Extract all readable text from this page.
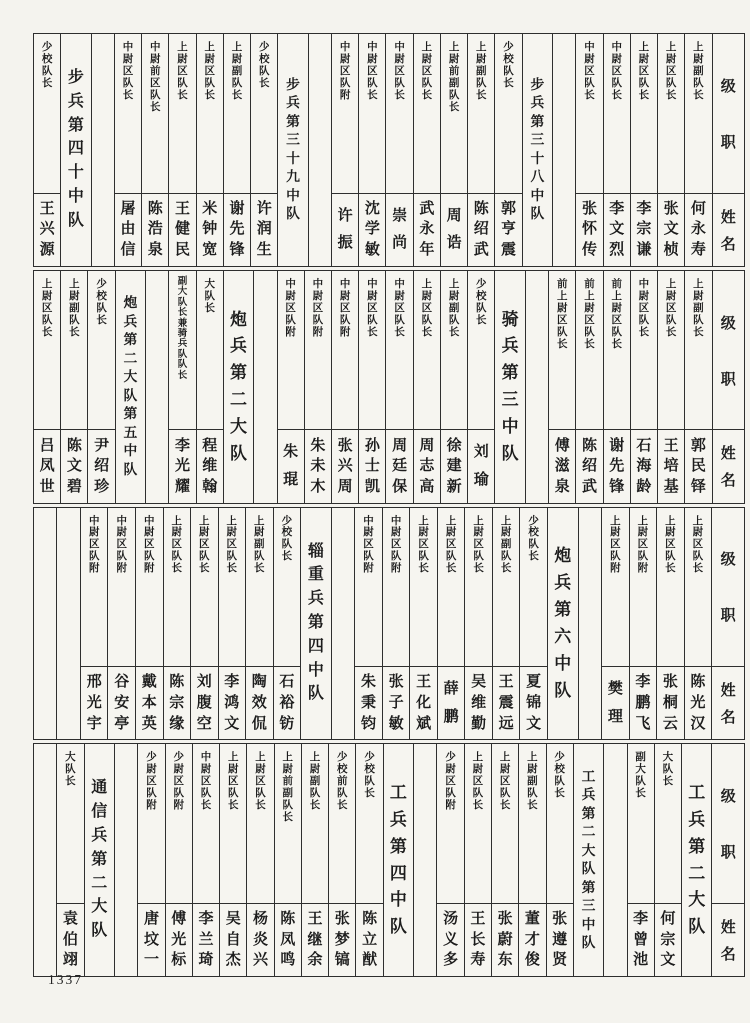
级
职
姓
名
上
尉
副
队
长
何
永
寿
上
尉
区
队
长
张
文
桢
上
尉
区
队
长
李
宗
谦
中
尉
区
队
长
李
文
烈
中
尉
区
队
长
张
怀
传
步
兵
第
三
十
八
中
队
少
校
队
长
郭
亨
震
上
尉
副
队
长
陈
绍
武
上
尉
前
副
队
长
周
诰
上
尉
区
队
长
武
永
年
中
尉
区
队
长
崇
尚
中
尉
区
队
长
沈
学
敏
中
尉
区
队
附
许
振
步
兵
第
三
十
九
中
队
少
校
队
长
许
润
生
上
尉
副
队
长
谢
先
锋
上
尉
区
队
长
米
钟
宽
上
尉
区
队
长
王
健
民
中
尉
前
区
队
长
陈
浩
泉
中
尉
区
队
长
屠
由
信
步
兵
第
四
十
中
队
少
校
队
长
王
兴
源
级
职
姓
名
上
尉
副
队
长
郭
民
铎
上
尉
区
队
长
王
培
基
中
尉
区
队
长
石
海
龄
前
上
尉
区
队
长
谢
先
锋
前
上
尉
区
队
长
陈
绍
武
前
上
尉
区
队
长
傅
滋
泉
骑
兵
第
三
中
队
少
校
队
长
刘
瑜
上
尉
副
队
长
徐
建
新
上
尉
区
队
长
周
志
高
中
尉
区
队
长
周
廷
保
中
尉
区
队
长
孙
士
凯
中
尉
区
队
附
张
兴
周
中
尉
区
队
附
朱
未
木
中
尉
区
队
附
朱
琨
炮
兵
第
二
大
队
大
队
长
程
维
翰
副
大
队
长
兼
骑
兵
队
队
长
李
光
耀
炮
兵
第
二
大
队
第
五
中
队
少
校
队
长
尹
绍
珍
上
尉
副
队
长
陈
文
碧
上
尉
区
队
长
吕
凤
世
级
职
姓
名
上
尉
区
队
长
陈
光
汉
上
尉
区
队
长
张
桐
云
上
尉
区
队
附
李
鹏
飞
上
尉
区
队
附
樊
理
炮
兵
第
六
中
队
少
校
队
长
夏
锦
文
上
尉
副
队
长
王
震
远
上
尉
区
队
长
吴
维
勤
上
尉
区
队
长
薛
鹏
上
尉
区
队
长
王
化
斌
中
尉
区
队
附
张
子
敏
中
尉
区
队
附
朱
秉
钧
辎
重
兵
第
四
中
队
少
校
队
长
石
裕
钫
上
尉
副
队
长
陶
效
侃
上
尉
区
队
长
李
鸿
文
上
尉
区
队
长
刘
腹
空
上
尉
区
队
长
陈
宗
缘
中
尉
区
队
附
戴
本
英
中
尉
区
队
附
谷
安
亭
中
尉
区
队
附
邢
光
宇
级
职
姓
名
工
兵
第
二
大
队
大
队
长
何
宗
文
副
大
队
长
李
曾
池
工
兵
第
二
大
队
第
三
中
队
少
校
队
长
张
遵
贤
上
尉
副
队
长
董
才
俊
上
尉
区
队
长
张
蔚
东
上
尉
区
队
长
王
长
寿
少
尉
区
队
附
汤
义
多
工
兵
第
四
中
队
少
校
队
长
陈
立
猷
少
校
前
队
长
张
梦
镐
上
尉
副
队
长
王
继
余
上
尉
前
副
队
长
陈
凤
鸣
上
尉
区
队
长
杨
炎
兴
上
尉
区
队
长
吴
自
杰
中
尉
区
队
长
李
兰
琦
少
尉
区
队
附
傅
光
标
少
尉
区
队
附
唐
坟
一
通
信
兵
第
二
大
队
大
队
长
袁
伯
翊
1337
